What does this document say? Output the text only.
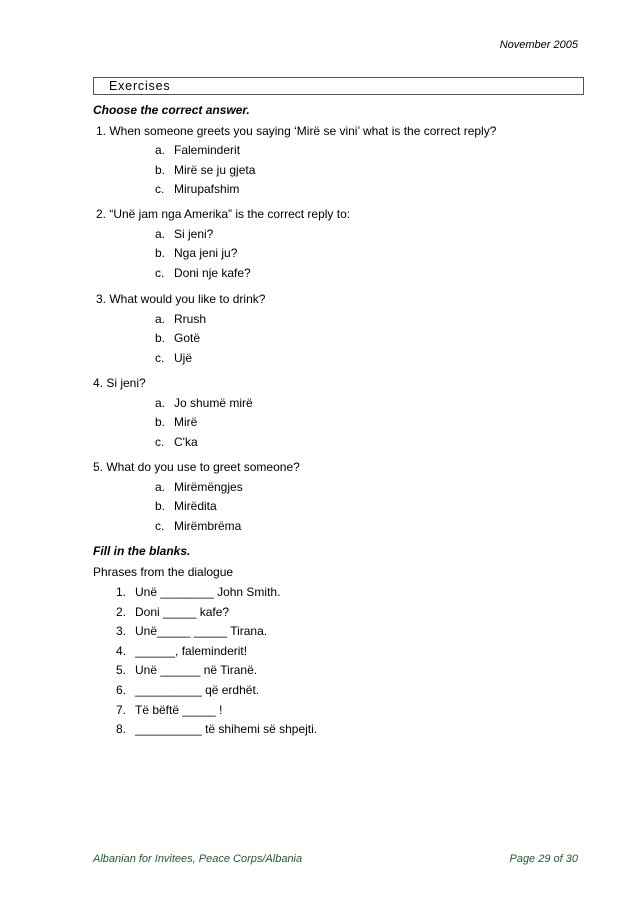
November 2005
Exercises
Choose the correct answer.
1. When someone greets you saying ‘Mirë se vini’ what is the correct reply?
a. Faleminderit
b. Mirë se ju gjeta
c. Mirupafshim
2. “Unë jam nga Amerika” is the correct reply to:
a. Si jeni?
b. Nga jeni ju?
c. Doni nje kafe?
3. What would you like to drink?
a. Rrush
b. Gotë
c. Ujë
4. Si jeni?
a. Jo shumë mirë
b. Mirë
c. C'ka
5. What do you use to greet someone?
a. Mirëmëngjes
b. Mirëdita
c. Mirëmbrëma
Fill in the blanks.
Phrases from the dialogue
1. Unë ________ John Smith.
2. Doni _____ kafe?
3. Unë_____ _____ Tirana.
4. ______, faleminderit!
5. Unë ______ në Tiranë.
6. __________ që erdhët.
7. Të bëftë _____ !
8. __________ të shihemi së shpejti.
Albanian for Invitees, Peace Corps/Albania	Page 29 of 30
